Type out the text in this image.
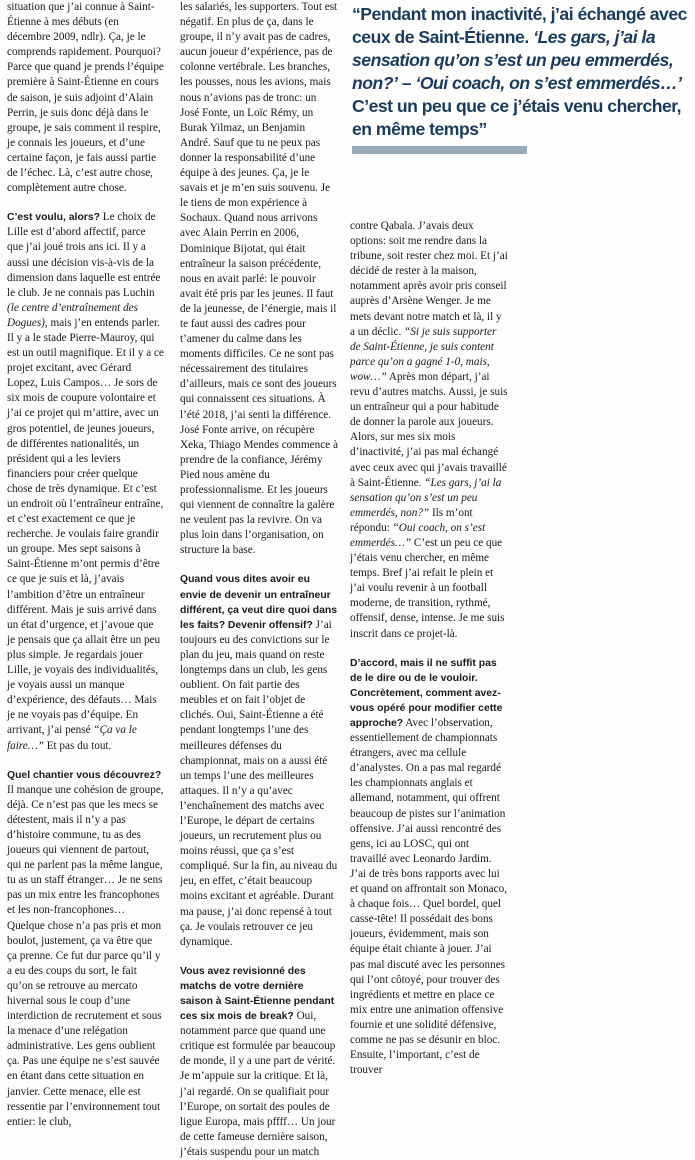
situation que j’ai connue à Saint-Étienne à mes débuts (en décembre 2009, ndlr). Ça, je le comprends rapidement. Pourquoi? Parce que quand je prends l’équipe première à Saint-Étienne en cours de saison, je suis adjoint d’Alain Perrin, je suis donc déjà dans le groupe, je sais comment il respire, je connais les joueurs, et d’une certaine façon, je fais aussi partie de l’échec. Là, c’est autre chose, complètement autre chose.

C’est voulu, alors? Le choix de Lille est d’abord affectif, parce que j’ai joué trois ans ici. Il y a aussi une décision vis-à-vis de la dimension dans laquelle est entrée le club. Je ne connais pas Luchin (le centre d’entraînement des Dogues), mais j’en entends parler. Il y a le stade Pierre-Mauroy, qui est un outil magnifique. Et il y a ce projet excitant, avec Gérard Lopez, Luis Campos… Je sors de six mois de coupure volontaire et j’ai ce projet qui m’attire, avec un gros potentiel, de jeunes joueurs, de différentes nationalités, un président qui a les leviers financiers pour créer quelque chose de très dynamique. Et c’est un endroit où l’entraîneur entraîne, et c’est exactement ce que je recherche. Je voulais faire grandir un groupe. Mes sept saisons à Saint-Étienne m’ont permis d’être ce que je suis et là, j’avais l’ambition d’être un entraîneur différent. Mais je suis arrivé dans un état d’urgence, et j’avoue que je pensais que ça allait être un peu plus simple. Je regardais jouer Lille, je voyais des individualités, je voyais aussi un manque d’expérience, des défauts… Mais je ne voyais pas d’équipe. En arrivant, j’ai pensé “Ça va le faire…” Et pas du tout.

Quel chantier vous découvrez?

Il manque une cohésion de groupe, déjà. Ce n’est pas que les mecs se détestent, mais il n’y a pas d’histoire commune, tu as des joueurs qui viennent de partout, qui ne parlent pas la même langue, tu as un staff étranger… Je ne sens pas un mix entre les francophones et les non-francophones… Quelque chose n’a pas pris et mon boulot, justement, ça va être que ça prenne. Ce fut dur parce qu’il y a eu des coups du sort, le fait qu’on se retrouve au mercato hivernal sous le coup d’une interdiction de recrutement et sous la menace d’une relégation administrative. Les gens oublient ça. Pas une équipe ne s’est sauvée en étant dans cette situation en janvier. Cette menace, elle est ressentie par l’environnement tout entier: le club,

les salariés, les supporters. Tout est négatif. En plus de ça, dans le groupe, il n’y avait pas de cadres, aucun joueur d’expérience, pas de colonne vertébrale. Les branches, les pousses, nous les avions, mais nous n’avions pas de tronc: un José Fonte, un Loïc Rémy, un Burak Yilmaz, un Benjamin André. Sauf que tu ne peux pas donner la responsabilité d’une équipe à des jeunes. Ça, je le savais et je m’en suis souvenu. Je le tiens de mon expérience à Sochaux. Quand nous arrivons avec Alain Perrin en 2006, Dominique Bijotat, qui était entraîneur la saison précédente, nous en avait parlé: le pouvoir avait été pris par les jeunes. Il faut de la jeunesse, de l’énergie, mais il te faut aussi des cadres pour t’amener du calme dans les moments difficiles. Ce ne sont pas nécessairement des titulaires d’ailleurs, mais ce sont des joueurs qui connaissent ces situations. À l’été 2018, j’ai senti la différence. José Fonte arrive, on récupère Xeka, Thiago Mendes commence à prendre de la confiance, Jérémy Pied nous amène du professionnalisme. Et les joueurs qui viennent de connaître la galère ne veulent pas la revivre. On va plus loin dans l’organisation, on structure la base.

Quand vous dites avoir eu envie de devenir un entraîneur différent, ça veut dire quoi dans les faits? Devenir offensif? J’ai toujours eu des convictions sur le plan du jeu, mais quand on reste longtemps dans un club, les gens oublient. On fait partie des meubles et on fait l’objet de clichés. Oui, Saint-Étienne a été pendant longtemps l’une des meilleures défenses du championnat, mais on a aussi été un temps l’une des meilleures attaques. Il n’y a qu’avec l’enchaînement des matchs avec l’Europe, le départ de certains joueurs, un recrutement plus ou moins réussi, que ça s’est compliqué. Sur la fin, au niveau du jeu, en effet, c’était beaucoup moins excitant et agréable. Durant ma pause, j’ai donc repensé à tout ça. Je voulais retrouver ce jeu dynamique.

Vous avez revisionné des matchs de votre dernière saison à Saint-Étienne pendant ces six mois de break? Oui, notamment parce que quand une critique est formulée par beaucoup de monde, il y a une part de vérité. Je m’appuie sur la critique. Et là, j’ai regardé. On se qualifiait pour l’Europe, on sortait des poules de ligue Europa, mais pffff… Un jour de cette fameuse dernière saison, j’étais suspendu pour un match

“Pendant mon inactivité, j’ai échangé avec ceux de Saint-Étienne. ‘Les gars, j’ai la sensation qu’on s’est un peu emmerdés, non?’ – ‘Oui coach, on s’est emmerdés…’ C’est un peu que ce j’étais venu chercher, en même temps”

contre Qabala. J’avais deux options: soit me rendre dans la tribune, soit rester chez moi. Et j’ai décidé de rester à la maison, notamment après avoir pris conseil auprès d’Arsène Wenger. Je me mets devant notre match et là, il y a un déclic. “Si je suis supporter de Saint-Étienne, je suis content parce qu’on a gagné 1-0, mais, wow…” Après mon départ, j’ai revu d’autres matchs. Aussi, je suis un entraîneur qui a pour habitude de donner la parole aux joueurs. Alors, sur mes six mois d’inactivité, j’ai pas mal échangé avec ceux avec qui j’avais travaillé à Saint-Étienne. “Les gars, j’ai la sensation qu’on s’est un peu emmerdés, non?” Ils m’ont répondu: “Oui coach, on s’est emmerdés…” C’est un peu ce que j’étais venu chercher, en même temps. Bref j’ai refait le plein et j’ai voulu revenir à un football moderne, de transition, rythmé, offensif, dense, intense. Je me suis inscrit dans ce projet-là.

D’accord, mais il ne suffit pas de le dire ou de le vouloir. Concrètement, comment avez-vous opéré pour modifier cette approche? Avec l’observation, essentiellement de championnats étrangers, avec ma cellule d’analystes. On a pas mal regardé les championnats anglais et allemand, notamment, qui offrent beaucoup de pistes sur l’animation offensive. J’ai aussi rencontré des gens, ici au LOSC, qui ont travaillé avec Leonardo Jardim. J’ai de très bons rapports avec lui et quand on affrontait son Monaco, à chaque fois… Quel bordel, quel casse-tête! Il possédait des bons joueurs, évidemment, mais son équipe était chiante à jouer. J’ai pas mal discuté avec les personnes qui l’ont côtoyé, pour trouver des ingrédients et mettre en place ce mix entre une animation offensive fournie et une solidité défensive, comme ne pas se désunir en bloc. Ensuite, l’important, c’est de trouver
